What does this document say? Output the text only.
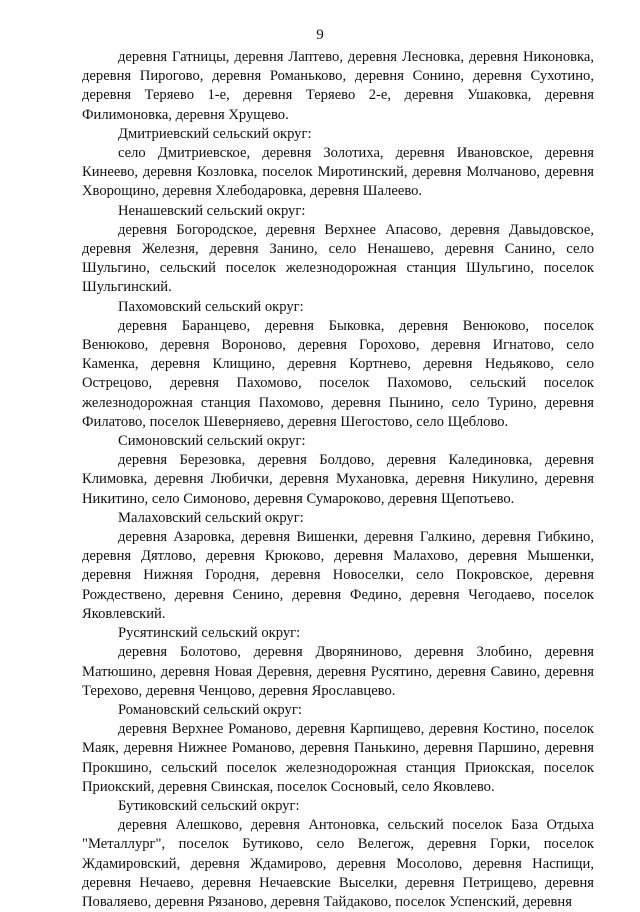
9

деревня Гатницы, деревня Лаптево, деревня Лесновка, деревня Никоновка, деревня Пирогово, деревня Романьково, деревня Сонино, деревня Сухотино, деревня Теряево 1-е, деревня Теряево 2-е, деревня Ушаковка, деревня Филимоновка, деревня Хрущево.

Дмитриевский сельский округ:

село Дмитриевское, деревня Золотиха, деревня Ивановское, деревня Кинеево, деревня Козловка, поселок Миротинский, деревня Молчаново, деревня Хворощино, деревня Хлебодаровка, деревня Шалеево.

Ненашевский сельский округ:

деревня Богородское, деревня Верхнее Апасово, деревня Давыдовское, деревня Железня, деревня Занино, село Ненашево, деревня Санино, село Шульгино, сельский поселок железнодорожная станция Шульгино, поселок Шульгинский.

Пахомовский сельский округ:

деревня Баранцево, деревня Быковка, деревня Венюково, поселок Венюково, деревня Вороново, деревня Горохово, деревня Игнатово, село Каменка, деревня Клищино, деревня Кортнево, деревня Недьяково, село Острецово, деревня Пахомово, поселок Пахомово, сельский поселок железнодорожная станция Пахомово, деревня Пынино, село Турино, деревня Филатово, поселок Шеверняево, деревня Шегостово, село Щеблово.

Симоновский сельский округ:

деревня Березовка, деревня Болдово, деревня Калединовка, деревня Климовка, деревня Любички, деревня Мухановка, деревня Никулино, деревня Никитино, село Симоново, деревня Сумароково, деревня Щепотьево.

Малаховский сельский округ:

деревня Азаровка, деревня Вишенки, деревня Галкино, деревня Гибкино, деревня Дятлово, деревня Крюково, деревня Малахово, деревня Мышенки, деревня Нижняя Городня, деревня Новоселки, село Покровское, деревня Рождествено, деревня Сенино, деревня Федино, деревня Чегодаево, поселок Яковлевский.

Русятинский сельский округ:

деревня Болотово, деревня Дворянинoво, деревня Злобино, деревня Матюшино, деревня Новая Деревня, деревня Русятино, деревня Савино, деревня Терехово, деревня Ченцово, деревня Ярославцево.

Романовский сельский округ:

деревня Верхнее Романово, деревня Карпищево, деревня Костино, поселок Маяк, деревня Нижнее Романово, деревня Панькино, деревня Паршино, деревня Прокшино, сельский поселок железнодорожная станция Приокская, поселок Приокский, деревня Свинская, поселок Сосновый, село Яковлево.

Бутиковский сельский округ:

деревня Алешково, деревня Антоновка, сельский поселок База Отдыха "Металлург", поселок Бутиково, село Велегож, деревня Горки, поселок Ждамировский, деревня Ждамирово, деревня Мосолово, деревня Наспищи, деревня Нечаево, деревня Нечаевские Выселки, деревня Петрищево, деревня Поваляево, деревня Рязаново, деревня Тайдаково, поселок Успенский, деревня
